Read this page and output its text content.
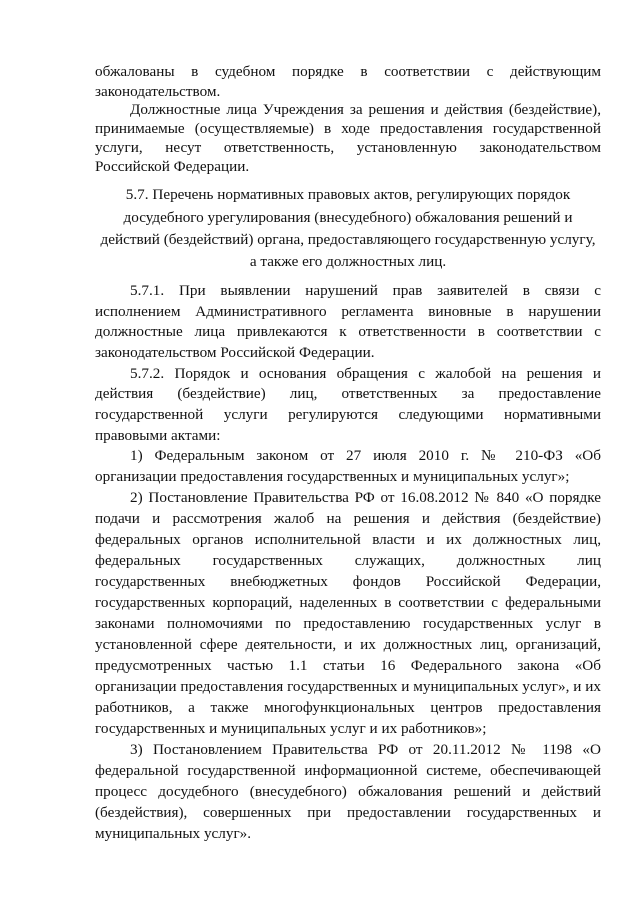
обжалованы в судебном порядке в соответствии с действующим
законодательством.
Должностные лица Учреждения за решения и действия (бездействие),
принимаемые (осуществляемые) в ходе предоставления государственной
услуги, несут ответственность, установленную законодательством
Российской Федерации.
5.7. Перечень нормативных правовых актов, регулирующих порядок
досудебного урегулирования (внесудебного) обжалования решений и
действий (бездействий) органа, предоставляющего государственную услугу,
а также его должностных лиц.
5.7.1. При выявлении нарушений прав заявителей в связи с
исполнением Административного регламента виновные в нарушении
должностные лица привлекаются к ответственности в соответствии с
законодательством Российской Федерации.
5.7.2. Порядок и основания обращения с жалобой на решения и
действия (бездействие) лиц, ответственных за предоставление
государственной услуги регулируются следующими нормативными
правовыми актами:
1) Федеральным законом от 27 июля 2010 г. № 210-ФЗ «Об
организации предоставления государственных и муниципальных услуг»;
2) Постановление Правительства РФ от 16.08.2012 № 840 «О порядке
подачи и рассмотрения жалоб на решения и действия (бездействие)
федеральных органов исполнительной власти и их должностных лиц,
федеральных государственных служащих, должностных лиц
государственных внебюджетных фондов Российской Федерации,
государственных корпораций, наделенных в соответствии с федеральными
законами полномочиями по предоставлению государственных услуг в
установленной сфере деятельности, и их должностных лиц, организаций,
предусмотренных частью 1.1 статьи 16 Федерального закона «Об
организации предоставления государственных и муниципальных услуг», и их
работников, а также многофункциональных центров предоставления
государственных и муниципальных услуг и их работников»;
3) Постановлением Правительства РФ от 20.11.2012 № 1198 «О
федеральной государственной информационной системе, обеспечивающей
процесс досудебного (внесудебного) обжалования решений и действий
(бездействия), совершенных при предоставлении государственных и
муниципальных услуг».
